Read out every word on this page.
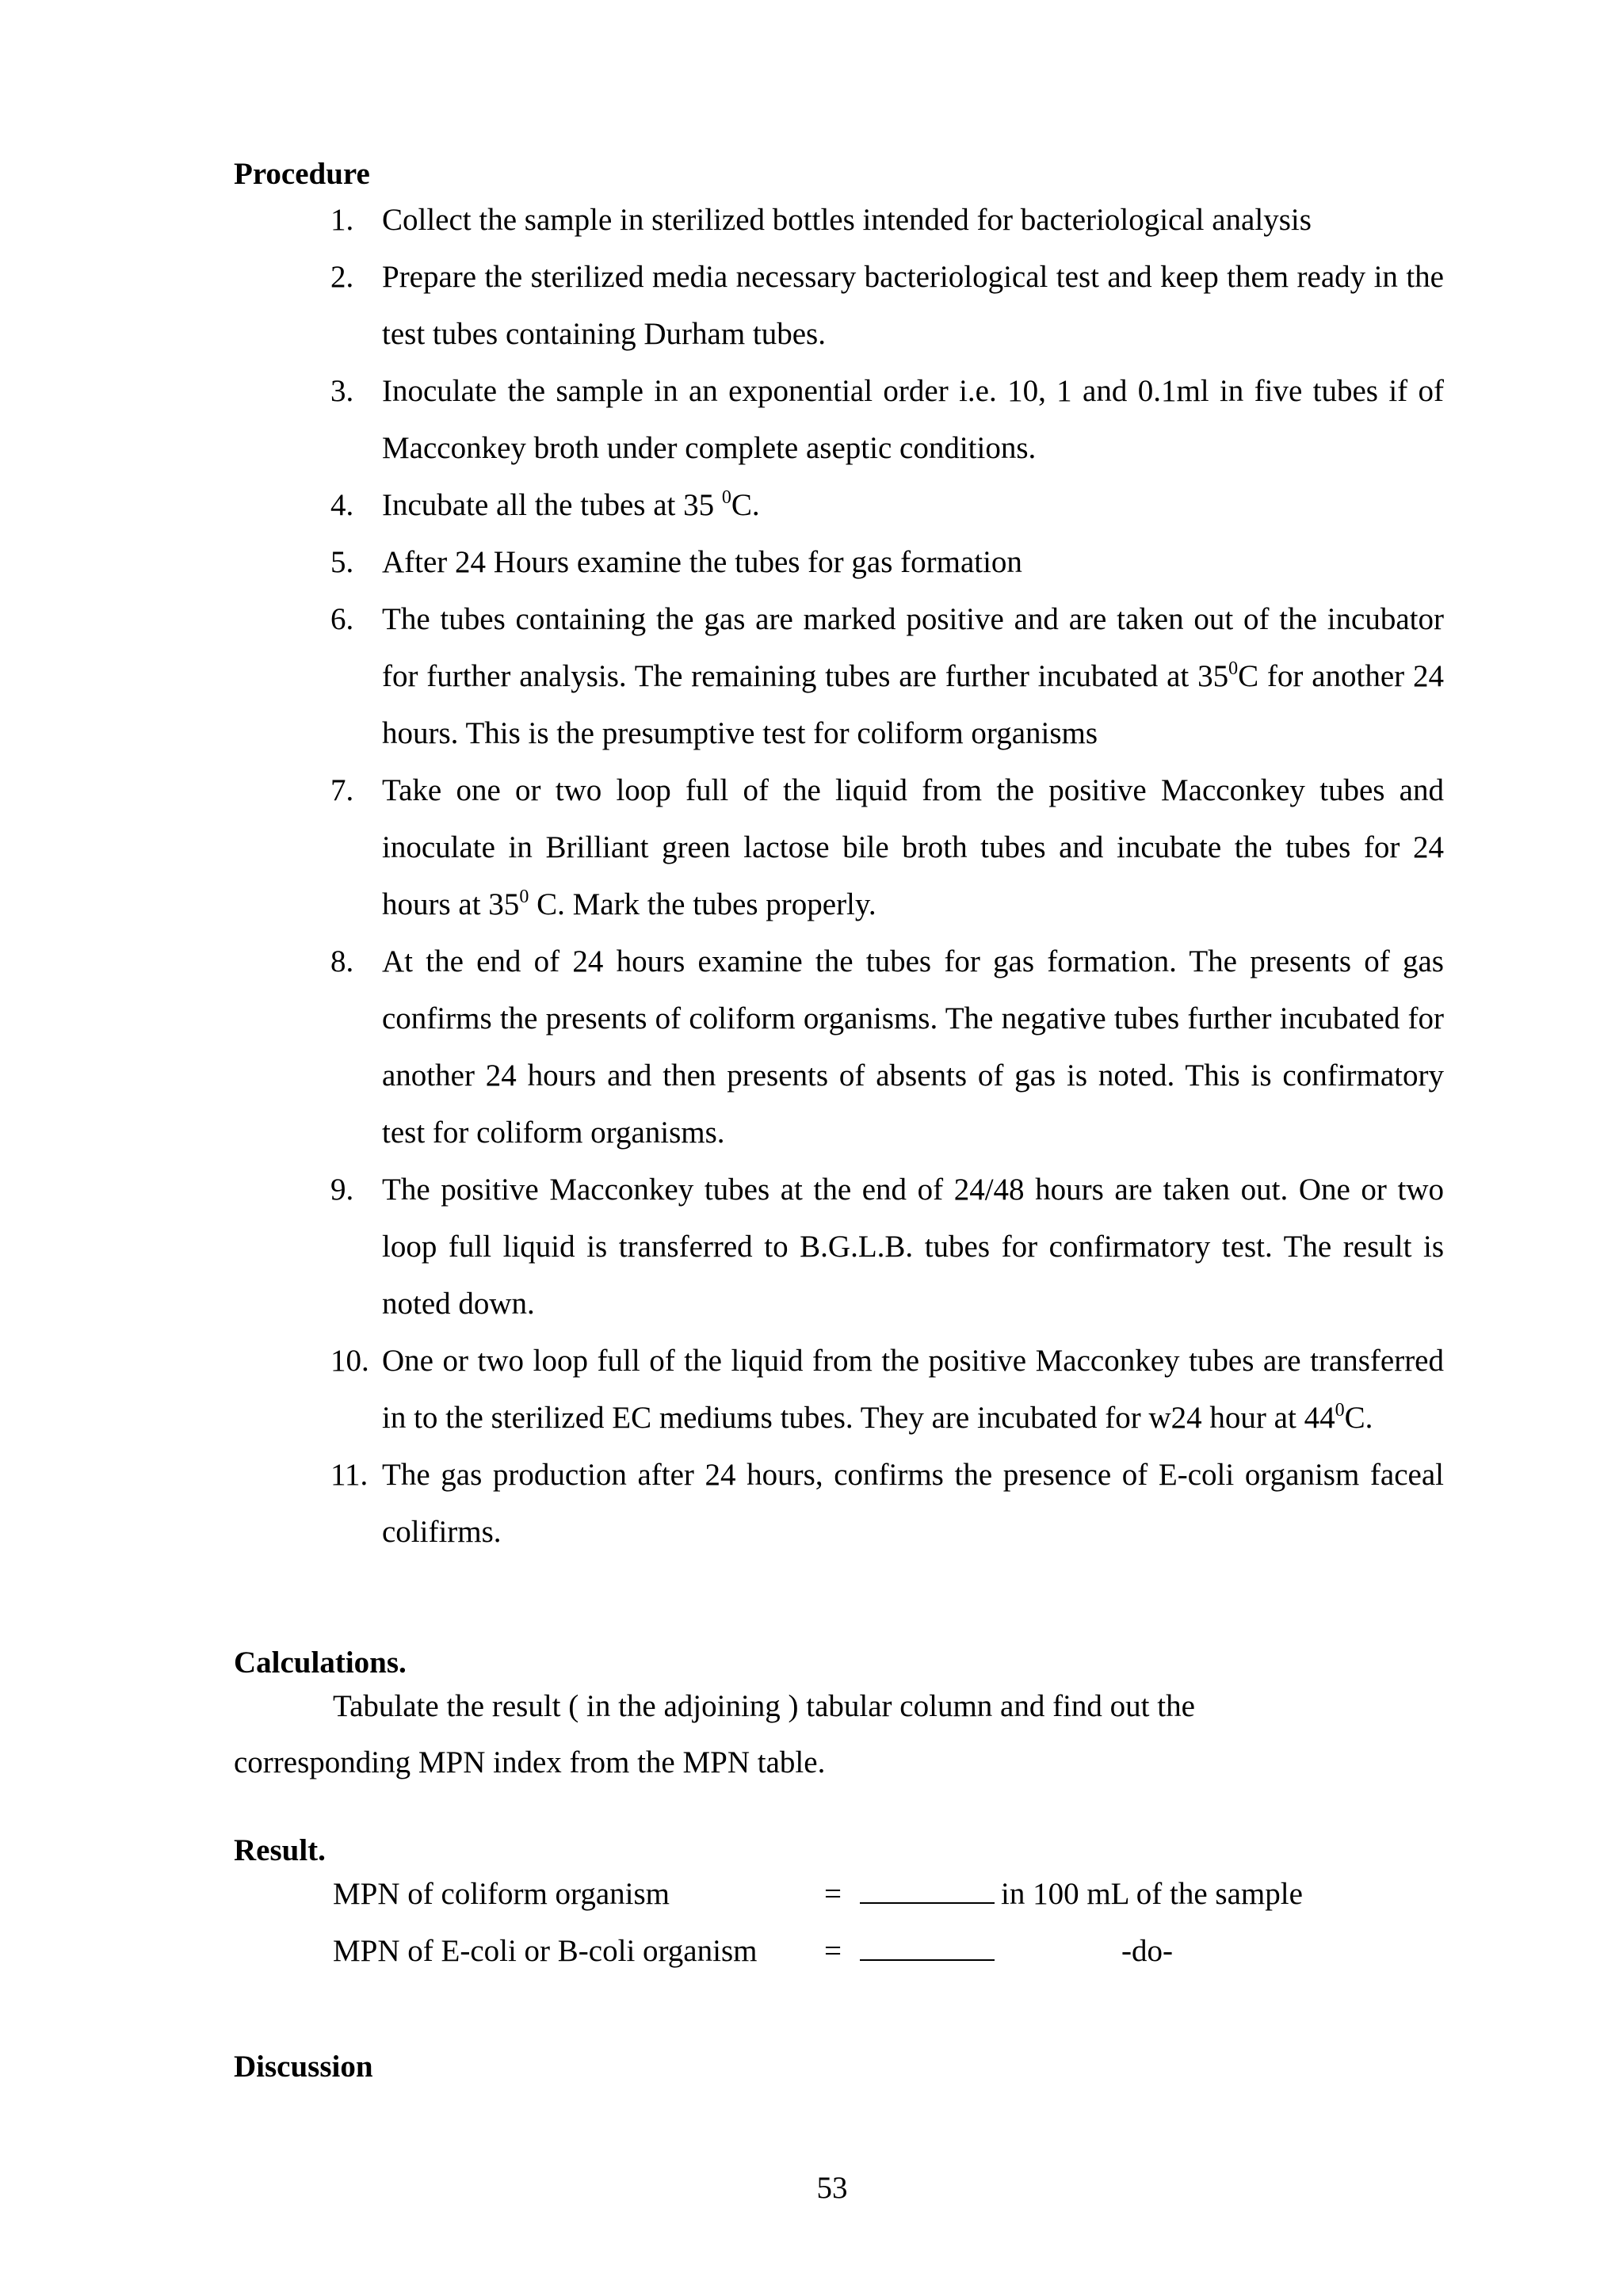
Procedure
1. Collect the sample in sterilized bottles intended for bacteriological analysis
2. Prepare the sterilized media necessary bacteriological test and keep them ready in the test tubes containing Durham tubes.
3. Inoculate the sample in an exponential order i.e. 10, 1 and 0.1ml in five tubes if of Macconkey broth under complete aseptic conditions.
4. Incubate all the tubes at 35 $^0$C.
5. After 24 Hours examine the tubes for gas formation
6. The tubes containing the gas are marked positive and are taken out of the incubator for further analysis. The remaining tubes are further incubated at $35^0C$ for another 24 hours. This is the presumptive test for coliform organisms
7. Take one or two loop full of the liquid from the positive Macconkey tubes and inoculate in Brilliant green lactose bile broth tubes and incubate the tubes for 24 hours at $35^0$ C. Mark the tubes properly.
8. At the end of 24 hours examine the tubes for gas formation. The presents of gas confirms the presents of coliform organisms. The negative tubes further incubated for another 24 hours and then presents of absents of gas is noted. This is confirmatory test for coliform organisms.
9. The positive Macconkey tubes at the end of 24/48 hours are taken out. One or two loop full liquid is transferred to B.G.L.B. tubes for confirmatory test. The result is noted down.
10. One or two loop full of the liquid from the positive Macconkey tubes are transferred in to the sterilized EC mediums tubes. They are incubated for w24 hour at $44^0C$.
11. The gas production after 24 hours, confirms the presence of E-coli organism faceal colifirms.
Calculations.
Tabulate the result ( in the adjoining ) tabular column and find out the
corresponding MPN index from the MPN table.
Result.
MPN of coliform organism	=	in 100 mL of the sample
MPN of E-coli or B-coli organism =	-do-
Discussion
53
